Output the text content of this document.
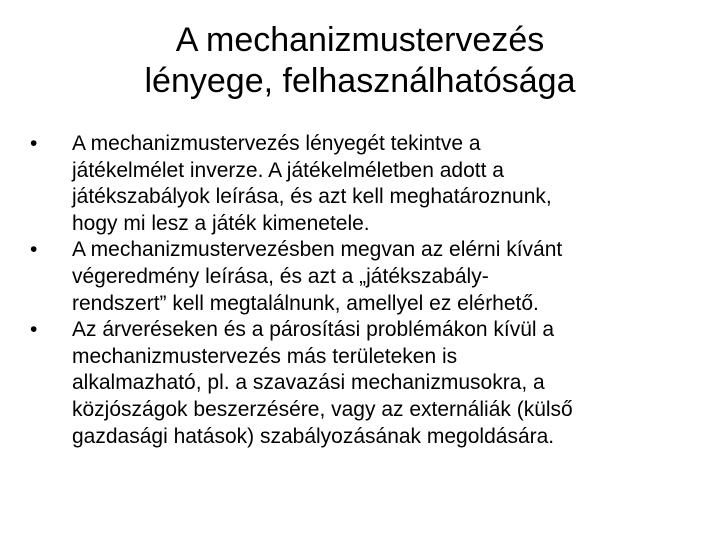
A mechanizmustervezés
lényege, felhasználhatósága
•	A mechanizmustervezés lényegét tekintve a
játékelmélet inverze. A játékelméletben adott a
játékszabályok leírása, és azt kell meghatároznunk,
hogy mi lesz a játék kimenetele.
•	A mechanizmustervezésben megvan az elérni kívánt
végeredmény leírása, és azt a „játékszabály-
rendszert” kell megtalálnunk, amellyel ez elérhető.
•	Az árveréseken és a párosítási problémákon kívül a
mechanizmustervezés más területeken is
alkalmazható, pl. a szavazási mechanizmusokra, a
közjószágok beszerzésére, vagy az externáliák (külső
gazdasági hatások) szabályozásának megoldására.
